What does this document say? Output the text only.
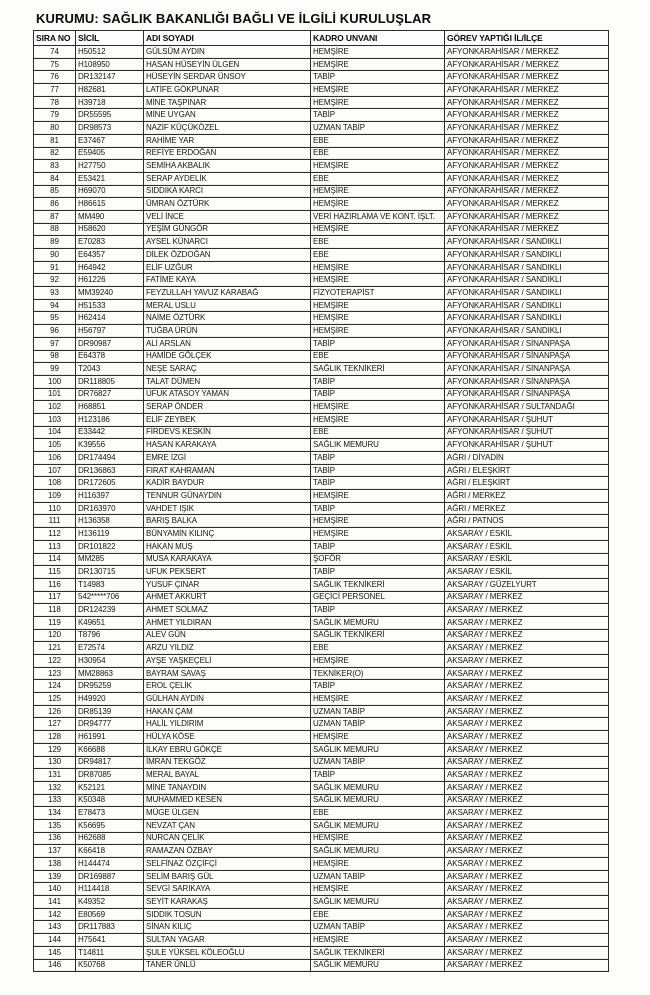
KURUMU: SAĞLIK BAKANLIĞI BAĞLI VE İLGİLİ KURULUŞLAR
SIRA NO	SİCİL	ADI SOYADI	KADRO UNVANI	GÖREV YAPTIĞI İL/İLÇE
74	H50512	GÜLSÜM AYDIN	HEMŞİRE	AFYONKARAHİSAR / MERKEZ
75	H108950	HASAN HÜSEYİN ÜLGEN	HEMŞİRE	AFYONKARAHİSAR / MERKEZ
76	DR132147	HÜSEYİN SERDAR ÜNSOY	TABİP	AFYONKARAHİSAR / MERKEZ
77	H82681	LATİFE GÖKPUNAR	HEMŞİRE	AFYONKARAHİSAR / MERKEZ
78	H39718	MİNE TAŞPINAR	HEMŞİRE	AFYONKARAHİSAR / MERKEZ
79	DR55595	MİNE UYGAN	TABİP	AFYONKARAHİSAR / MERKEZ
80	DR98573	NAZİF KÜÇÜKÖZEL	UZMAN TABİP	AFYONKARAHİSAR / MERKEZ
81	E37467	RAHİME YAR	EBE	AFYONKARAHİSAR / MERKEZ
82	E59405	REFİYE ERDOĞAN	EBE	AFYONKARAHİSAR / MERKEZ
83	H27750	SEMİHA AKBALIK	HEMŞİRE	AFYONKARAHİSAR / MERKEZ
84	E53421	SERAP AYDELİK	EBE	AFYONKARAHİSAR / MERKEZ
85	H69070	SIDDIKA KARCI	HEMŞİRE	AFYONKARAHİSAR / MERKEZ
86	H86615	ÜMRAN ÖZTÜRK	HEMŞİRE	AFYONKARAHİSAR / MERKEZ
87	MM490	VELİ İNCE	VERİ HAZIRLAMA VE KONT. İŞLT.	AFYONKARAHİSAR / MERKEZ
88	H58620	YEŞİM GÜNGÖR	HEMŞİRE	AFYONKARAHİSAR / MERKEZ
89	E70283	AYSEL KÜNARCI	EBE	AFYONKARAHİSAR / SANDIKLI
90	E64357	DİLEK ÖZDOĞAN	EBE	AFYONKARAHİSAR / SANDIKLI
91	H64942	ELİF UZĞUR	HEMŞİRE	AFYONKARAHİSAR / SANDIKLI
92	H61226	FATİME KAYA	HEMŞİRE	AFYONKARAHİSAR / SANDIKLI
93	MM39240	FEYZULLAH YAVUZ KARABAĞ	FİZYOTERAPİST	AFYONKARAHİSAR / SANDIKLI
94	H51533	MERAL USLU	HEMŞİRE	AFYONKARAHİSAR / SANDIKLI
95	H62414	NAİME ÖZTÜRK	HEMŞİRE	AFYONKARAHİSAR / SANDIKLI
96	H56797	TUĞBA ÜRÜN	HEMŞİRE	AFYONKARAHİSAR / SANDIKLI
97	DR90987	ALİ ARSLAN	TABİP	AFYONKARAHİSAR / SİNANPAŞA
98	E64378	HAMİDE GÖLÇEK	EBE	AFYONKARAHİSAR / SİNANPAŞA
99	T2043	NEŞE SARAÇ	SAĞLIK TEKNİKERİ	AFYONKARAHİSAR / SİNANPAŞA
100	DR118805	TALAT DÜMEN	TABİP	AFYONKARAHİSAR / SİNANPAŞA
101	DR76827	UFUK ATASOY YAMAN	TABİP	AFYONKARAHİSAR / SİNANPAŞA
102	H68851	SERAP ÖNDER	HEMŞİRE	AFYONKARAHİSAR / SULTANDAĞI
103	H123186	ELİF ZEYBEK	HEMŞİRE	AFYONKARAHİSAR / ŞUHUT
104	E33442	FİRDEVS KESKİN	EBE	AFYONKARAHİSAR / ŞUHUT
105	K39556	HASAN KARAKAYA	SAĞLIK MEMURU	AFYONKARAHİSAR / ŞUHUT
106	DR174494	EMRE İZGİ	TABİP	AĞRI / DİYADİN
107	DR136863	FIRAT KAHRAMAN	TABİP	AĞRI / ELEŞKİRT
108	DR172605	KADİR BAYDUR	TABİP	AĞRI / ELEŞKİRT
109	H116397	TENNUR GÜNAYDIN	HEMŞİRE	AĞRI / MERKEZ
110	DR163970	VAHDET IŞIK	TABİP	AĞRI / MERKEZ
111	H136358	BARIŞ BALKA	HEMŞİRE	AĞRI / PATNOS
112	H136119	BÜNYAMİN KILINÇ	HEMŞİRE	AKSARAY / ESKİL
113	DR101822	HAKAN MUŞ	TABİP	AKSARAY / ESKİL
114	MM285	MUSA KARAKAYA	ŞOFÖR	AKSARAY / ESKİL
115	DR130715	UFUK PEKSERT	TABİP	AKSARAY / ESKİL
116	T14983	YUSUF ÇINAR	SAĞLIK TEKNİKERİ	AKSARAY / GÜZELYURT
117	542*****706	AHMET AKKURT	GEÇİCİ PERSONEL	AKSARAY / MERKEZ
118	DR124239	AHMET SOLMAZ	TABİP	AKSARAY / MERKEZ
119	K49651	AHMET YILDIRAN	SAĞLIK MEMURU	AKSARAY / MERKEZ
120	T8796	ALEV GÜN	SAĞLIK TEKNİKERİ	AKSARAY / MERKEZ
121	E72574	ARZU YILDIZ	EBE	AKSARAY / MERKEZ
122	H30954	AYŞE YAŞKEÇELİ	HEMŞİRE	AKSARAY / MERKEZ
123	MM28863	BAYRAM SAVAŞ	TEKNİKER(O)	AKSARAY / MERKEZ
124	DR95259	EROL ÇELİK	TABİP	AKSARAY / MERKEZ
125	H49920	GÜLHAN AYDIN	HEMŞİRE	AKSARAY / MERKEZ
126	DR85139	HAKAN ÇAM	UZMAN TABİP	AKSARAY / MERKEZ
127	DR94777	HALİL YILDIRIM	UZMAN TABİP	AKSARAY / MERKEZ
128	H61991	HÜLYA KÖSE	HEMŞİRE	AKSARAY / MERKEZ
129	K66688	İLKAY EBRU GÖKÇE	SAĞLIK MEMURU	AKSARAY / MERKEZ
130	DR94817	İMRAN TEKGÖZ	UZMAN TABİP	AKSARAY / MERKEZ
131	DR87085	MERAL BAYAL	TABİP	AKSARAY / MERKEZ
132	K52121	MİNE TANAYDIN	SAĞLIK MEMURU	AKSARAY / MERKEZ
133	K50348	MUHAMMED KESEN	SAĞLIK MEMURU	AKSARAY / MERKEZ
134	E78473	MÜGE ÜLGEN	EBE	AKSARAY / MERKEZ
135	K56695	NEVZAT ÇAN	SAĞLIK MEMURU	AKSARAY / MERKEZ
136	H62688	NURCAN ÇELİK	HEMŞİRE	AKSARAY / MERKEZ
137	K66418	RAMAZAN ÖZBAY	SAĞLIK MEMURU	AKSARAY / MERKEZ
138	H144474	SELFİNAZ ÖZÇİFÇİ	HEMŞİRE	AKSARAY / MERKEZ
139	DR169887	SELİM BARIŞ GÜL	UZMAN TABİP	AKSARAY / MERKEZ
140	H114418	SEVGİ SARIKAYA	HEMŞİRE	AKSARAY / MERKEZ
141	K49352	SEYİT KARAKAŞ	SAĞLIK MEMURU	AKSARAY / MERKEZ
142	E80569	SIDDIK TOSUN	EBE	AKSARAY / MERKEZ
143	DR117883	SİNAN KILIÇ	UZMAN TABİP	AKSARAY / MERKEZ
144	H75641	SULTAN YAGAR	HEMŞİRE	AKSARAY / MERKEZ
145	T14811	ŞULE YÜKSEL KÖLEOĞLU	SAĞLIK TEKNİKERİ	AKSARAY / MERKEZ
146	K50768	TANER ÜNLÜ	SAĞLIK MEMURU	AKSARAY / MERKEZ
